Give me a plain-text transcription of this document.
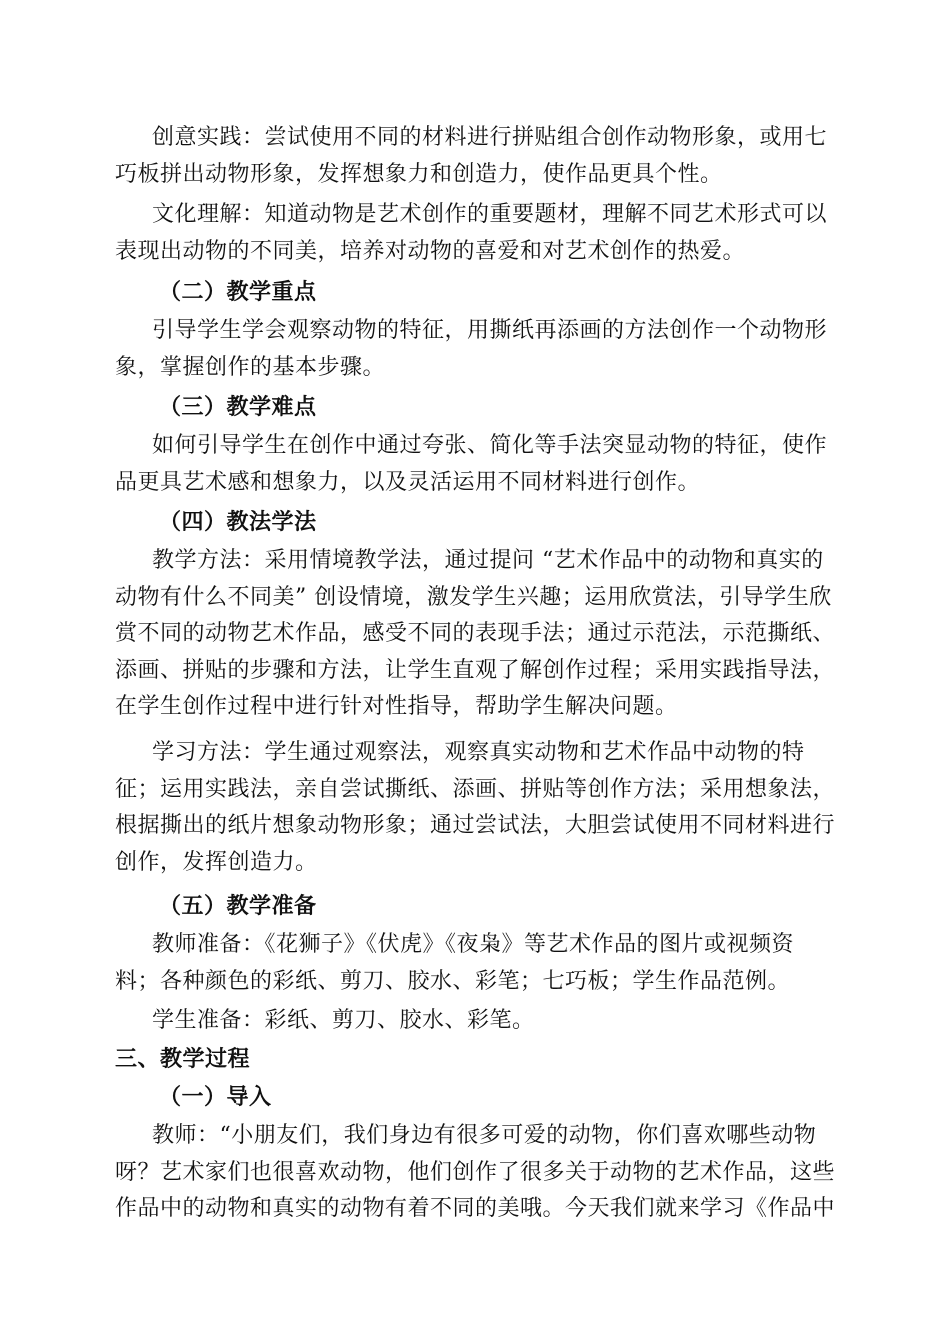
创意实践：尝试使用不同的材料进行拼贴组合创作动物形象，或用七巧板拼出动物形象，发挥想象力和创造力，使作品更具个性。

文化理解：知道动物是艺术创作的重要题材，理解不同艺术形式可以表现出动物的不同美，培养对动物的喜爱和对艺术创作的热爱。

（二）教学重点

引导学生学会观察动物的特征，用撕纸再添画的方法创作一个动物形象，掌握创作的基本步骤。

（三）教学难点

如何引导学生在创作中通过夸张、简化等手法突显动物的特征，使作品更具艺术感和想象力，以及灵活运用不同材料进行创作。

（四）教法学法

教学方法：采用情境教学法，通过提问 “艺术作品中的动物和真实的动物有什么不同美” 创设情境，激发学生兴趣；运用欣赏法，引导学生欣赏不同的动物艺术作品，感受不同的表现手法；通过示范法，示范撕纸、添画、拼贴的步骤和方法，让学生直观了解创作过程；采用实践指导法，在学生创作过程中进行针对性指导，帮助学生解决问题。

学习方法：学生通过观察法，观察真实动物和艺术作品中动物的特征；运用实践法，亲自尝试撕纸、添画、拼贴等创作方法；采用想象法，根据撕出的纸片想象动物形象；通过尝试法，大胆尝试使用不同材料进行创作，发挥创造力。

（五）教学准备

教师准备：《花狮子》《伏虎》《夜枭》等艺术作品的图片或视频资料；各种颜色的彩纸、剪刀、胶水、彩笔；七巧板；学生作品范例。

学生准备：彩纸、剪刀、胶水、彩笔。

三、教学过程

（一）导入

教师：“小朋友们，我们身边有很多可爱的动物，你们喜欢哪些动物呀？艺术家们也很喜欢动物，他们创作了很多关于动物的艺术作品，这些作品中的动物和真实的动物有着不同的美哦。今天我们就来学习《作品中
